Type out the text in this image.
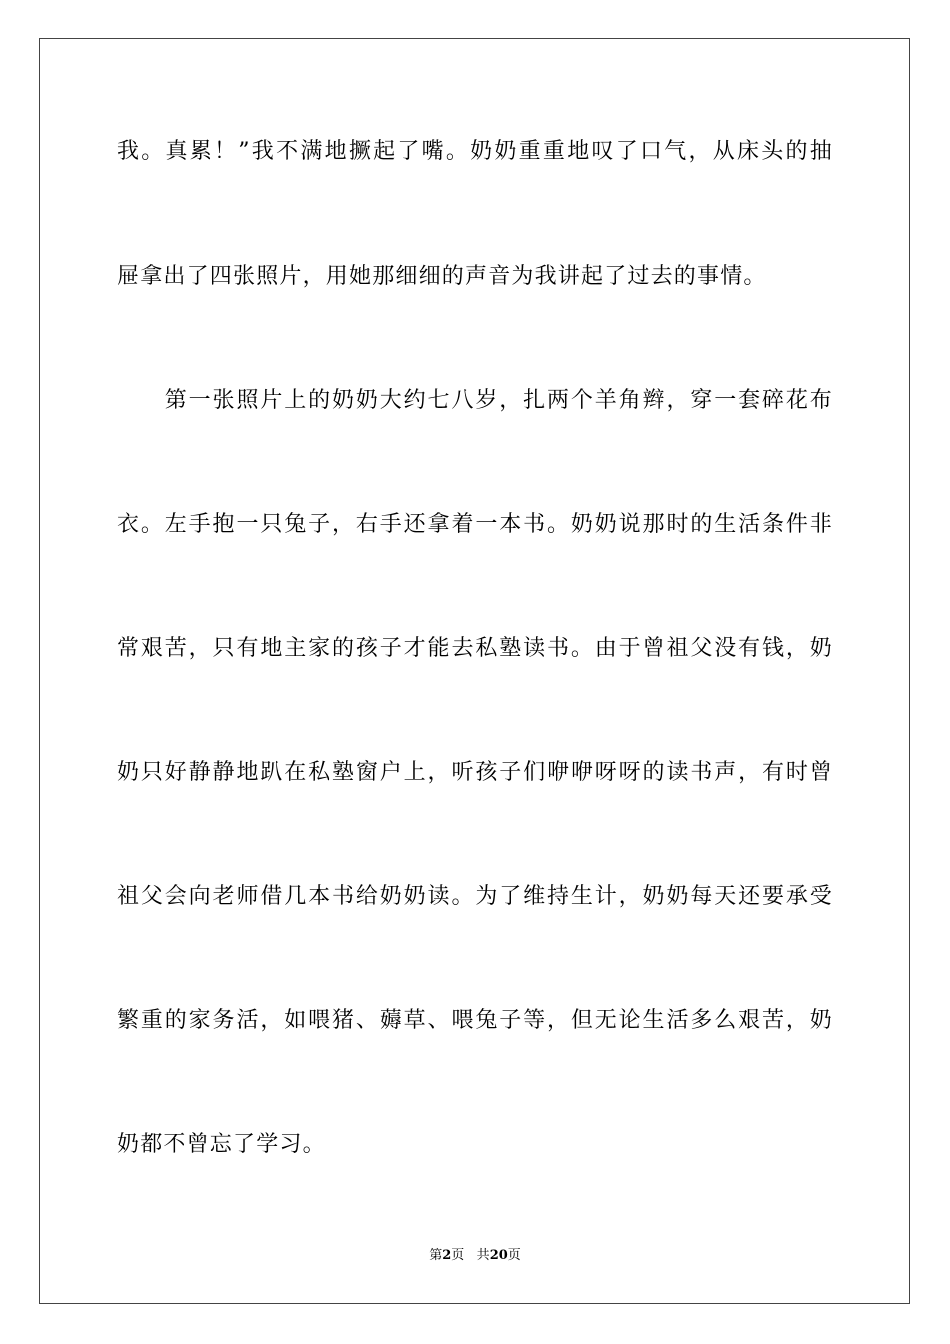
我。真累！”我不满地撅起了嘴。奶奶重重地叹了口气，从床头的抽
屉拿出了四张照片，用她那细细的声音为我讲起了过去的事情。
　　第一张照片上的奶奶大约七八岁，扎两个羊角辫，穿一套碎花布
衣。左手抱一只兔子，右手还拿着一本书。奶奶说那时的生活条件非
常艰苦，只有地主家的孩子才能去私塾读书。由于曾祖父没有钱，奶
奶只好静静地趴在私塾窗户上，听孩子们咿咿呀呀的读书声，有时曾
祖父会向老师借几本书给奶奶读。为了维持生计，奶奶每天还要承受
繁重的家务活，如喂猪、薅草、喂兔子等，但无论生活多么艰苦，奶
奶都不曾忘了学习。
第2页 共20页
